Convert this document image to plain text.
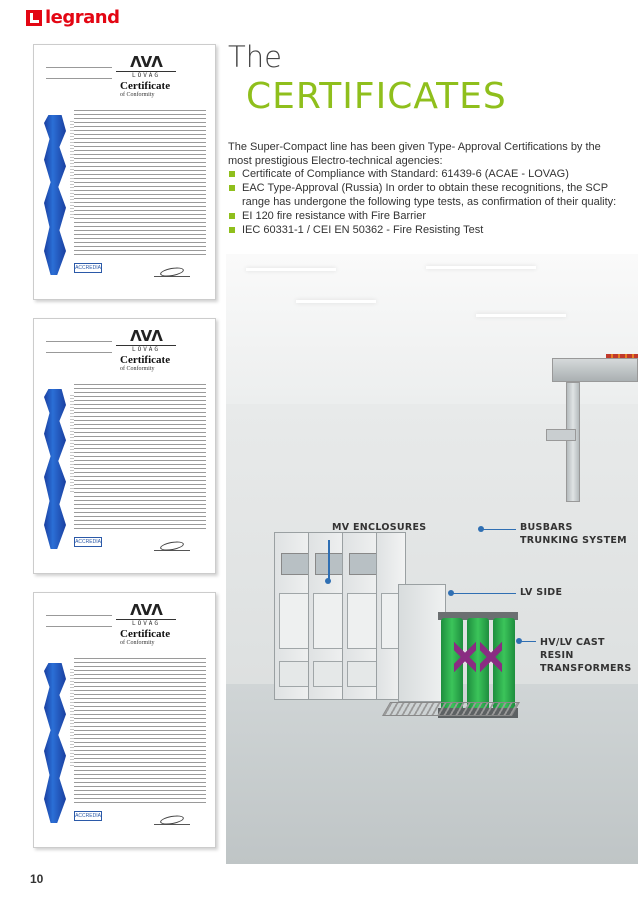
legrand
ΛVΛ
LOVAG
Certificate
of Conformity
ACCREDIA
ΛVΛ
LOVAG
Certificate
of Conformity
ACCREDIA
ΛVΛ
LOVAG
Certificate
of Conformity
ACCREDIA
The
CERTIFICATES

The Super-Compact line has been given Type- Approval Certifications by the most prestigious Electro-technical agencies:

Certificate of Compliance with Standard: 61439-6 (ACAE - LOVAG)
EAC Type-Approval (Russia) In order to obtain these recognitions, the SCP range has undergone the following type tests, as confirmation of their quality:
EI 120 fire resistance with Fire Barrier
IEC 60331-1 / CEI EN 50362 - Fire Resisting Test
MV ENCLOSURES	BUSBARS TRUNKING SYSTEM
LV SIDE
HV/LV CAST RESIN TRANSFORMERS
10
